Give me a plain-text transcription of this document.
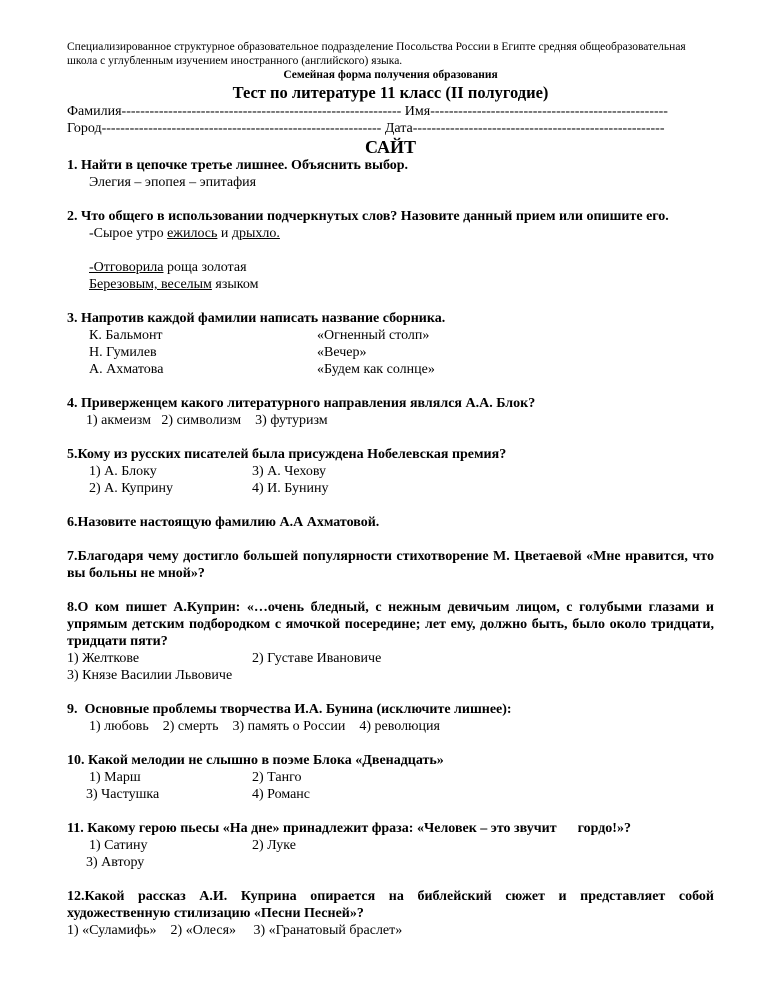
Специализированное структурное образовательное подразделение Посольства России в Египте средняя общеобразовательная школа с углубленным изучением иностранного (английского) языка.
Семейная форма получения образования
Тест по литературе 11 класс (II полугодие)
Фамилия------------------------------------------------------------ Имя---------------------------------------------------
Город------------------------------------------------------------ Дата------------------------------------------------------
САЙТ
1. Найти в цепочке третье лишнее. Объяснить выбор.
Элегия – эпопея – эпитафия
2. Что общего в использовании подчеркнутых слов? Назовите данный прием или опишите его.
-Сырое утро ежилось и дрыхло.
-Отговорила роща золотая
Березовым, веселым языком
3. Напротив каждой фамилии написать название сборника.
К. Бальмонт	«Огненный столп»
Н. Гумилев	«Вечер»
А. Ахматова	«Будем как солнце»
4. Приверженцем какого литературного направления являлся А.А. Блок?
1) акмеизм   2) символизм    3) футуризм
5.Кому из русских писателей была присуждена Нобелевская премия?
1) А. Блоку	3) А. Чехову
2) А. Куприну	4) И. Бунину
6.Назовите настоящую фамилию А.А Ахматовой.
7.Благодаря чему достигло большей популярности стихотворение М. Цветаевой «Мне нравится, что вы больны не мной»?
8.О ком пишет А.Куприн: «…очень бледный, с нежным девичьим лицом, с голубыми глазами и упрямым детским подбородком с ямочкой посередине; лет ему, должно быть, было около тридцати, тридцати пяти?
1) Желткове	2) Густаве Ивановиче
3) Князе Василии Львовиче
9.  Основные проблемы творчества И.А. Бунина (исключите лишнее):
1) любовь    2) смерть    3) память о России    4) революция
10. Какой мелодии не слышно в поэме Блока «Двенадцать»
1) Марш	2) Танго
3) Частушка	4) Романс
11. Какому герою пьесы «На дне» принадлежит фраза: «Человек – это звучит      гордо!»?
1) Сатину	2) Луке
3) Автору
12.Какой рассказ А.И. Куприна опирается на библейский сюжет и представляет собой художественную стилизацию «Песни Песней»?
1) «Суламифь»    2) «Олеся»     3) «Гранатовый браслет»
